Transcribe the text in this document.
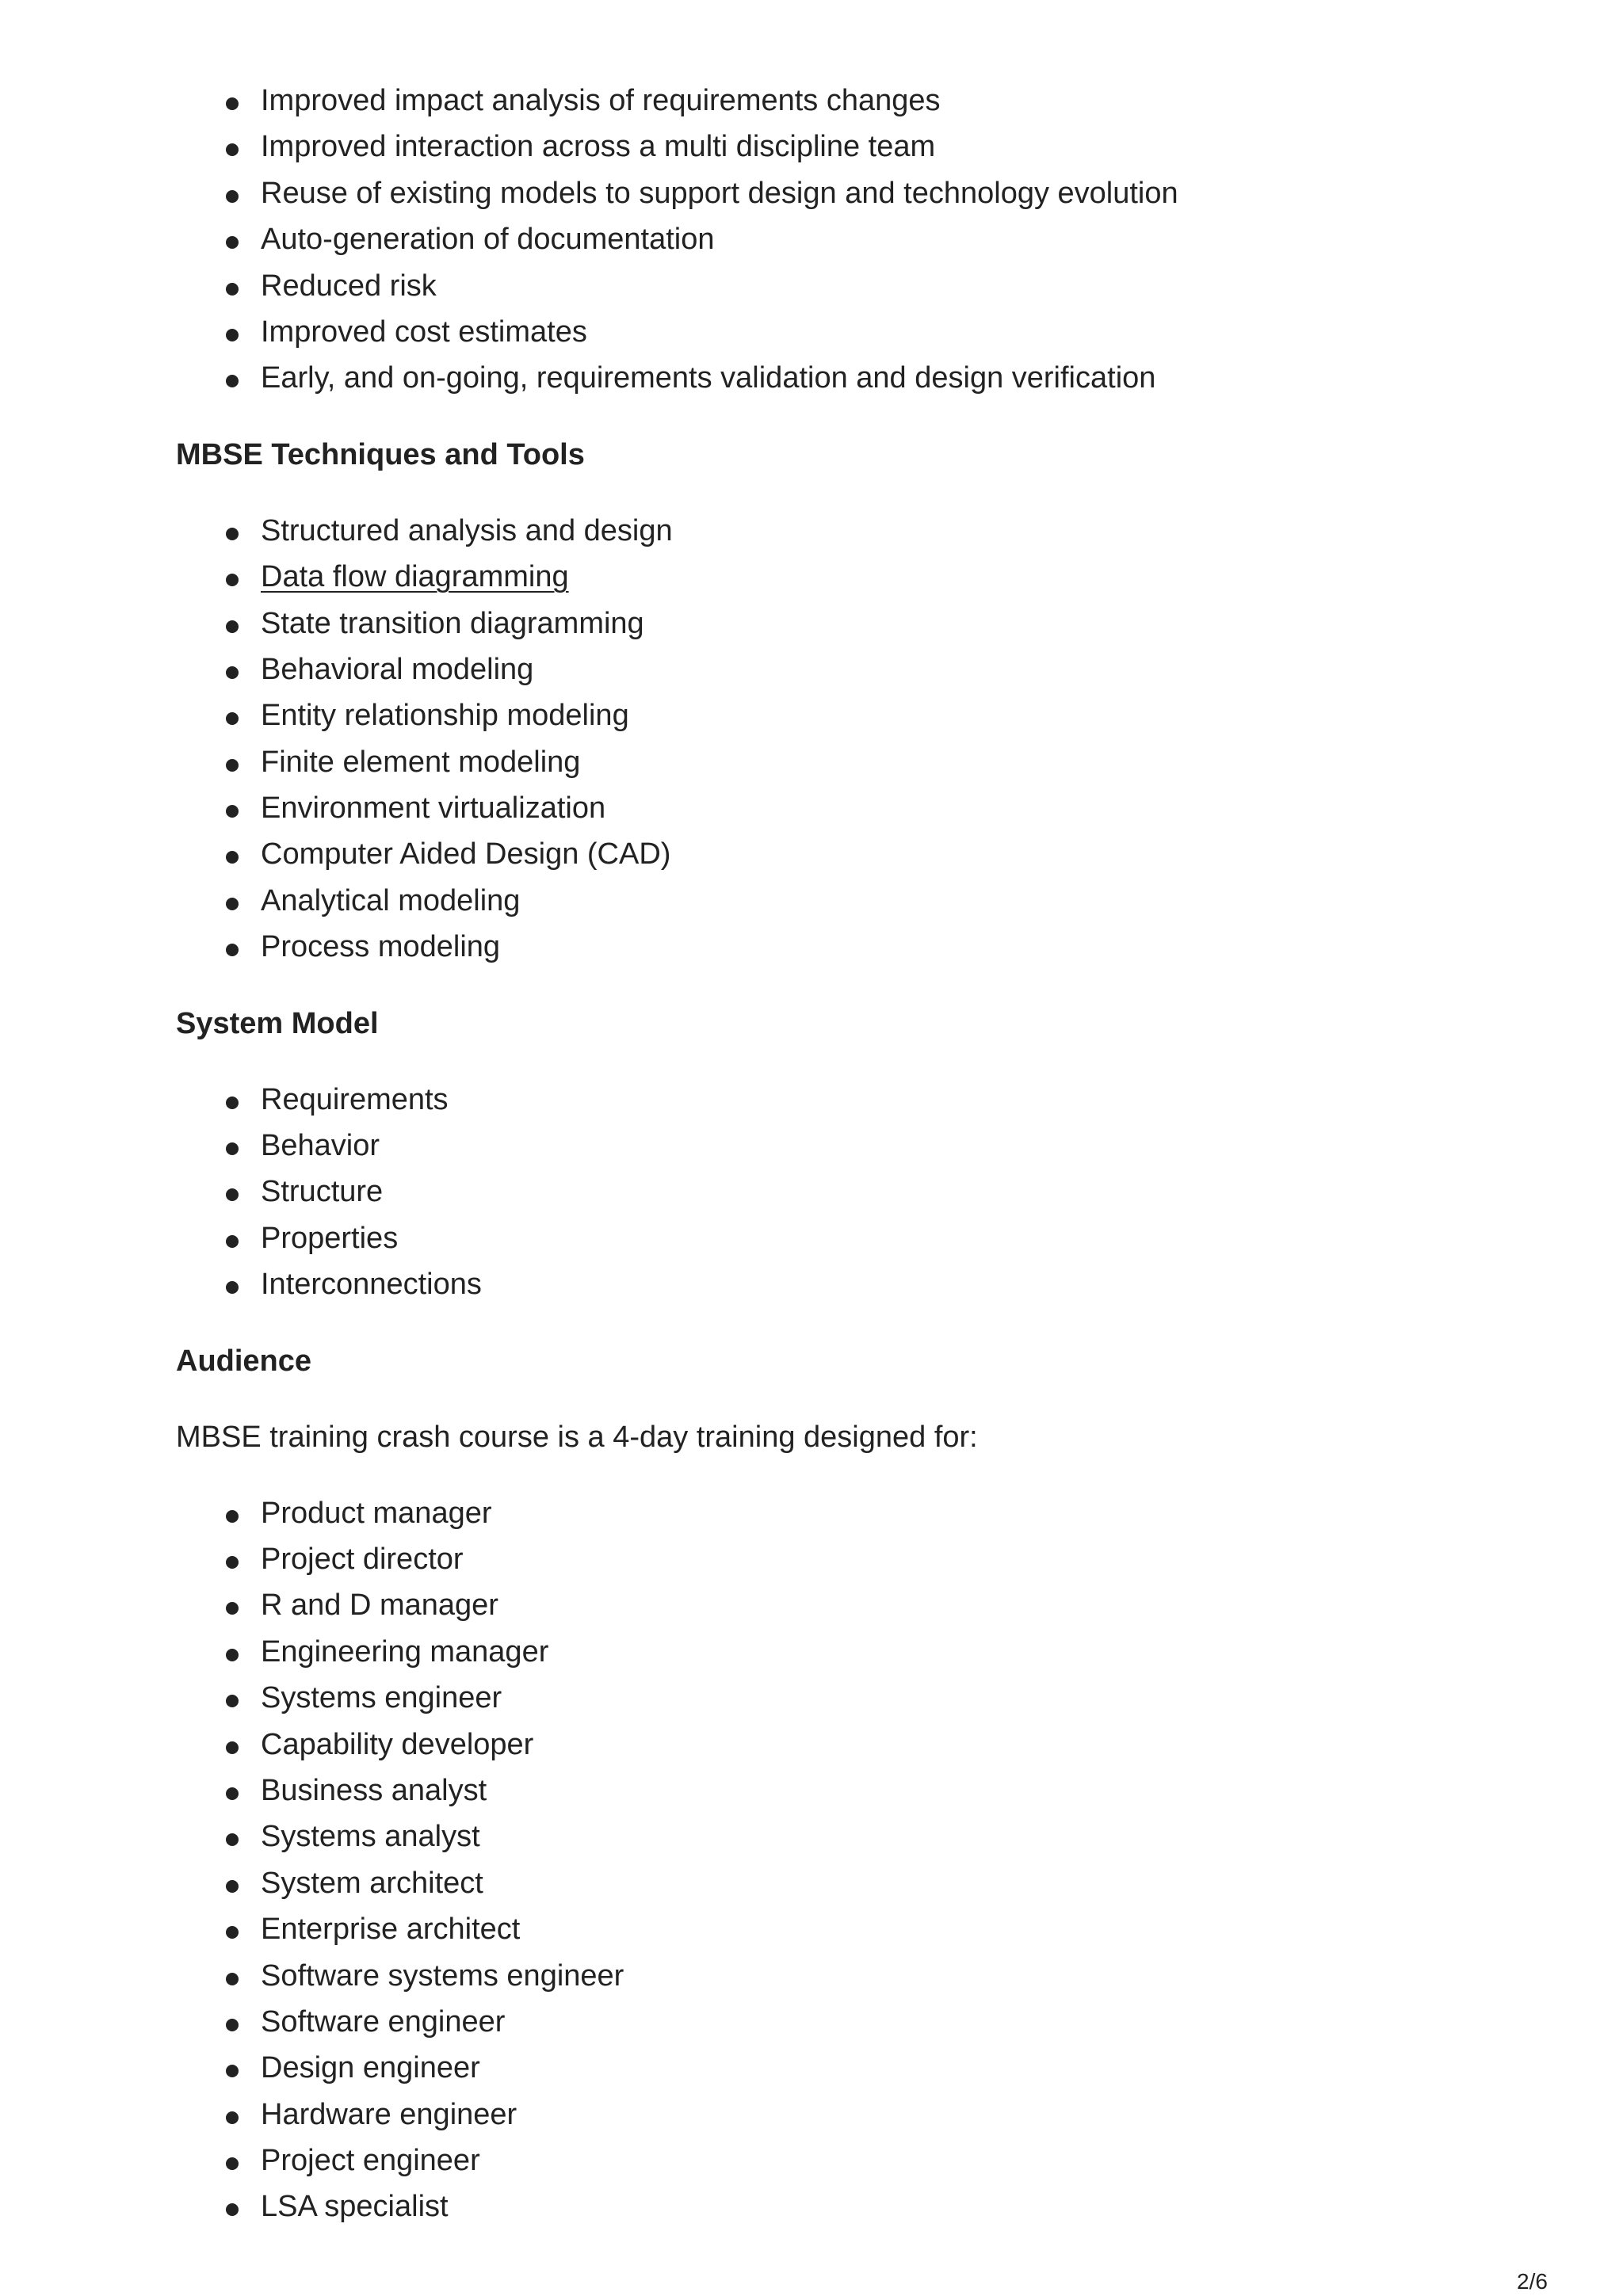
Improved impact analysis of requirements changes
Improved interaction across a multi discipline team
Reuse of existing models to support design and technology evolution
Auto-generation of documentation
Reduced risk
Improved cost estimates
Early, and on-going, requirements validation and design verification
MBSE Techniques and Tools
Structured analysis and design
Data flow diagramming
State transition diagramming
Behavioral modeling
Entity relationship modeling
Finite element modeling
Environment virtualization
Computer Aided Design (CAD)
Analytical modeling
Process modeling
System Model
Requirements
Behavior
Structure
Properties
Interconnections
Audience

MBSE training crash course is a 4-day training designed for:

Product manager
Project director
R and D manager
Engineering manager
Systems engineer
Capability developer
Business analyst
Systems analyst
System architect
Enterprise architect
Software systems engineer
Software engineer
Design engineer
Hardware engineer
Project engineer
LSA specialist
2/6
